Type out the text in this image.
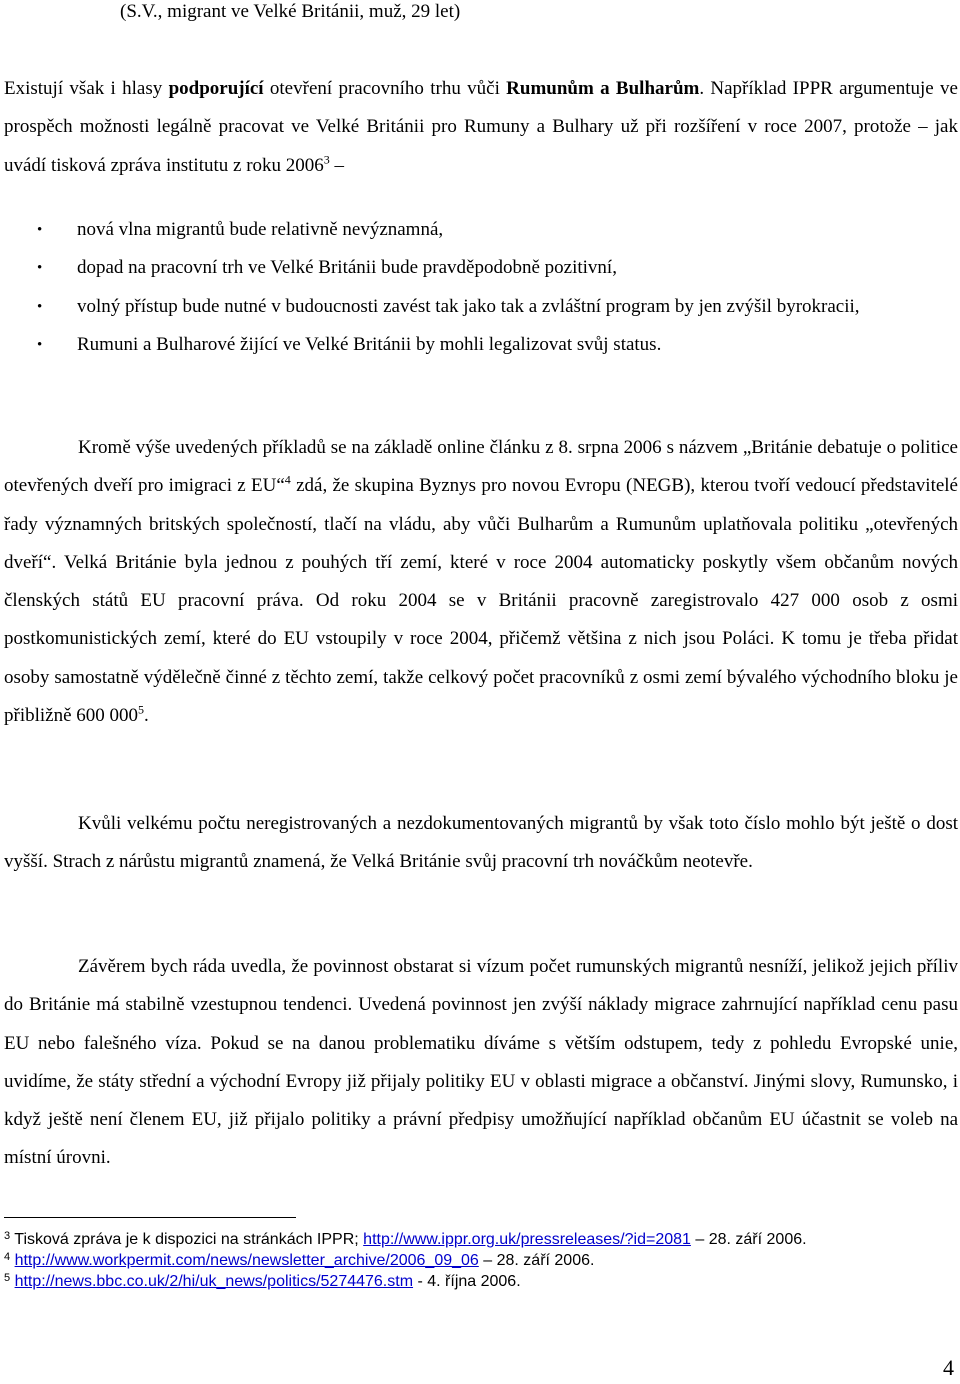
(S.V., migrant ve Velké Británii, muž, 29 let)

Existují však i hlasy podporující otevření pracovního trhu vůči Rumunům a Bulharům. Například IPPR argumentuje ve prospěch možnosti legálně pracovat ve Velké Británii pro Rumuny a Bulhary už při rozšíření v roce 2007, protože – jak uvádí tisková zpráva institutu z roku 2006$^3$ –

• nová vlna migrantů bude relativně nevýznamná,
• dopad na pracovní trh ve Velké Británii bude pravděpodobně pozitivní,
• volný přístup bude nutné v budoucnosti zavést tak jako tak a zvláštní program by jen zvýšil byrokracii,
• Rumuni a Bulharové žijící ve Velké Británii by mohli legalizovat svůj status.

Kromě výše uvedených příkladů se na základě online článku z 8. srpna 2006 s názvem „Británie debatuje o politice otevřených dveří pro imigraci z EU“$^4$ zdá, že skupina Byznys pro novou Evropu (NEGB), kterou tvoří vedoucí představitelé řady významných britských společností, tlačí na vládu, aby vůči Bulharům a Rumunům uplatňovala politiku „otevřených dveří“. Velká Británie byla jednou z pouhých tří zemí, které v roce 2004 automaticky poskytly všem občanům nových členských států EU pracovní práva. Od roku 2004 se v Británii pracovně zaregistrovalo 427 000 osob z osmi postkomunistických zemí, které do EU vstoupily v roce 2004, přičemž většina z nich jsou Poláci. K tomu je třeba přidat osoby samostatně výdělečně činné z těchto zemí, takže celkový počet pracovníků z osmi zemí bývalého východního bloku je přibližně 600 $000^5$.

Kvůli velkému počtu neregistrovaných a nezdokumentovaných migrantů by však toto číslo mohlo být ještě o dost vyšší. Strach z nárůstu migrantů znamená, že Velká Británie svůj pracovní trh nováčkům neotevře.

Závěrem bych ráda uvedla, že povinnost obstarat si vízum počet rumunských migrantů nesníží, jelikož jejich příliv do Británie má stabilně vzestupnou tendenci. Uvedená povinnost jen zvýší náklady migrace zahrnující například cenu pasu EU nebo falešného víza. Pokud se na danou problematiku díváme s větším odstupem, tedy z pohledu Evropské unie, uvidíme, že státy střední a východní Evropy již přijaly politiky EU v oblasti migrace a občanství. Jinými slovy, Rumunsko, i když ještě není členem EU, již přijalo politiky a právní předpisy umožňující například občanům EU účastnit se voleb na místní úrovni.

$^3$ Tisková zpráva je k dispozici na stránkách IPPR; http://www.ippr.org.uk/pressreleases/?id=2081 – 28. září 2006.

$^4$ http://www.workpermit.com/news/newsletter_archive/2006_09_06 – 28. září 2006.

$^5$ http://news.bbc.co.uk/2/hi/uk_news/politics/5274476.stm - 4. října 2006.

4
